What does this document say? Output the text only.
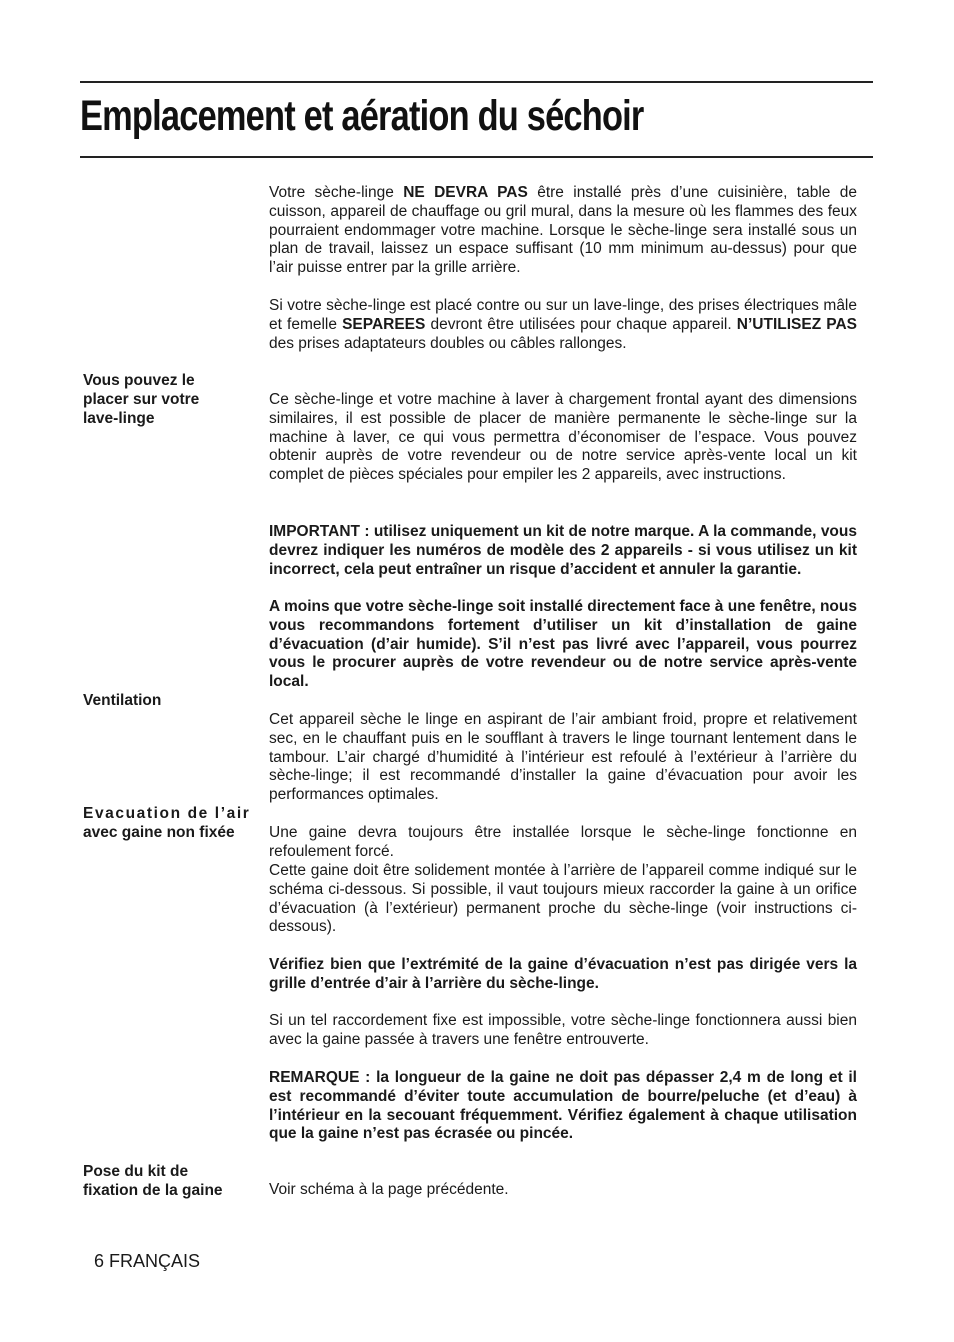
Emplacement et aération du séchoir
Vous pouvez le
placer sur votre
lave-linge
Ventilation
Evacuation de l’air
avec gaine non fixée
Pose du kit de
fixation de la gaine

Votre sèche-linge NE DEVRA PAS être installé près d’une cuisinière, table de cuisson, appareil de chauffage ou gril mural, dans la mesure où les flammes des feux pourraient endommager votre machine. Lorsque le sèche-linge sera installé sous un plan de travail, laissez un espace suffisant (10 mm minimum au-dessus) pour que l’air puisse entrer par la grille arrière.

Si votre sèche-linge est placé contre ou sur un lave-linge, des prises électriques mâle et femelle SEPAREES devront être utilisées pour chaque appareil. N’UTILISEZ PAS des prises adaptateurs doubles ou câbles rallonges.

Ce sèche-linge et votre machine à laver à chargement frontal ayant des dimensions similaires, il est possible de placer de manière permanente le sèche-linge sur la machine à laver, ce qui vous permettra d’économiser de l’espace. Vous pouvez obtenir auprès de votre revendeur ou de notre service après-vente local un kit complet de pièces spéciales pour empiler les 2 appareils, avec instructions.

IMPORTANT : utilisez uniquement un kit de notre marque. A la commande, vous devrez indiquer les numéros de modèle des 2 appareils - si vous utilisez un kit incorrect, cela peut entraîner un risque d’accident et annuler la garantie.

A moins que votre sèche-linge soit installé directement face à une fenêtre, nous vous recommandons fortement d’utiliser un kit d’installation de gaine d’évacuation (d’air humide). S’il n’est pas livré avec l’appareil, vous pourrez vous le procurer auprès de votre revendeur ou de notre service après-vente local.

Cet appareil sèche le linge en aspirant de l’air ambiant froid, propre et relativement sec, en le chauffant puis en le soufflant à travers le linge tournant lentement dans le tambour. L’air chargé d’humidité à l’intérieur est refoulé à l’extérieur à l’arrière du sèche-linge; il est recommandé d’installer la gaine d’évacuation pour avoir les performances optimales.

Une gaine devra toujours être installée lorsque le sèche-linge fonctionne en refoulement forcé.

Cette gaine doit être solidement montée à l’arrière de l’appareil comme indiqué sur le schéma ci-dessous. Si possible, il vaut toujours mieux raccorder la gaine à un orifice d’évacuation (à l’extérieur) permanent proche du sèche-linge (voir instructions ci-dessous).

Vérifiez bien que l’extrémité de la gaine d’évacuation n’est pas dirigée vers la grille d’entrée d’air à l’arrière du sèche-linge.

Si un tel raccordement fixe est impossible, votre sèche-linge fonctionnera aussi bien avec la gaine passée à travers une fenêtre entrouverte.

REMARQUE : la longueur de la gaine ne doit pas dépasser 2,4 m de long et il est recommandé d’éviter toute accumulation de bourre/peluche (et d’eau) à l’intérieur en la secouant fréquemment. Vérifiez également à chaque utilisation que la gaine n’est pas écrasée ou pincée.

Voir schéma à la page précédente.

6 FRANÇAIS
